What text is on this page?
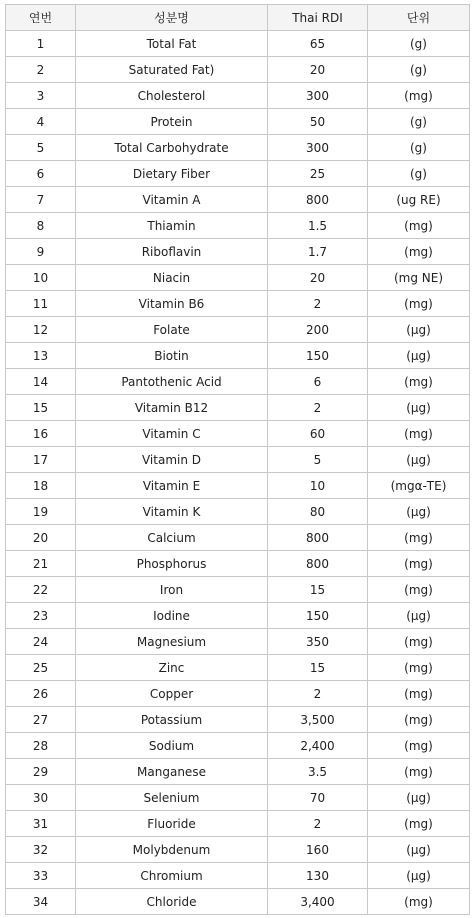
연번	성분명	Thai RDI	단위
1	Total Fat	65	(g)
2	Saturated Fat)	20	(g)
3	Cholesterol	300	(mg)
4	Protein	50	(g)
5	Total Carbohydrate	300	(g)
6	Dietary Fiber	25	(g)
7	Vitamin A	800	(ug RE)
8	Thiamin	1.5	(mg)
9	Riboflavin	1.7	(mg)
10	Niacin	20	(mg NE)
11	Vitamin B6	2	(mg)
12	Folate	200	(μg)
13	Biotin	150	(μg)
14	Pantothenic Acid	6	(mg)
15	Vitamin B12	2	(μg)
16	Vitamin C	60	(mg)
17	Vitamin D	5	(μg)
18	Vitamin E	10	(mgα-TE)
19	Vitamin K	80	(μg)
20	Calcium	800	(mg)
21	Phosphorus	800	(mg)
22	Iron	15	(mg)
23	Iodine	150	(μg)
24	Magnesium	350	(mg)
25	Zinc	15	(mg)
26	Copper	2	(mg)
27	Potassium	3,500	(mg)
28	Sodium	2,400	(mg)
29	Manganese	3.5	(mg)
30	Selenium	70	(μg)
31	Fluoride	2	(mg)
32	Molybdenum	160	(μg)
33	Chromium	130	(μg)
34	Chloride	3,400	(mg)
